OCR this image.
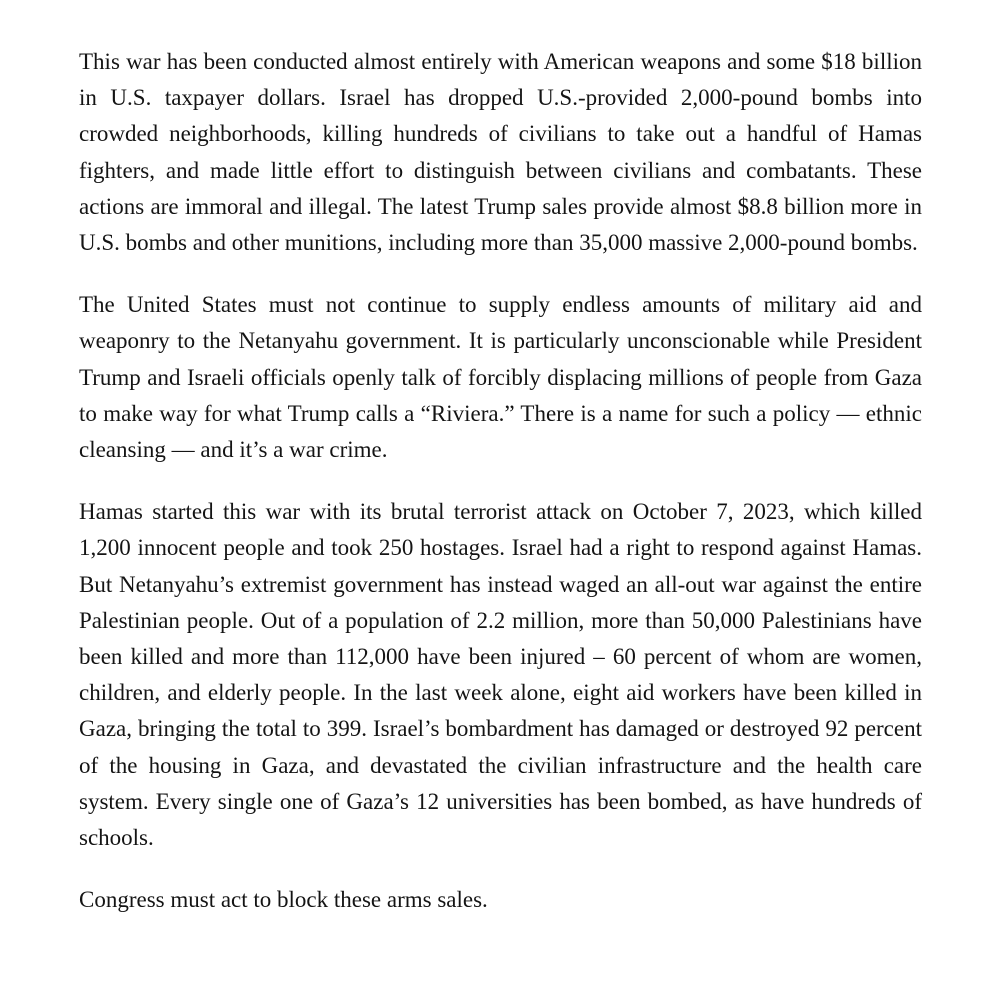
This war has been conducted almost entirely with American weapons and some $18 billion in U.S. taxpayer dollars. Israel has dropped U.S.-provided 2,000-pound bombs into crowded neighborhoods, killing hundreds of civilians to take out a handful of Hamas fighters, and made little effort to distinguish between civilians and combatants. These actions are immoral and illegal. The latest Trump sales provide almost $8.8 billion more in U.S. bombs and other munitions, including more than 35,000 massive 2,000-pound bombs.

The United States must not continue to supply endless amounts of military aid and weaponry to the Netanyahu government. It is particularly unconscionable while President Trump and Israeli officials openly talk of forcibly displacing millions of people from Gaza to make way for what Trump calls a “Riviera.” There is a name for such a policy — ethnic cleansing — and it’s a war crime.

Hamas started this war with its brutal terrorist attack on October 7, 2023, which killed 1,200 innocent people and took 250 hostages. Israel had a right to respond against Hamas. But Netanyahu’s extremist government has instead waged an all-out war against the entire Palestinian people. Out of a population of 2.2 million, more than 50,000 Palestinians have been killed and more than 112,000 have been injured – 60 percent of whom are women, children, and elderly people. In the last week alone, eight aid workers have been killed in Gaza, bringing the total to 399. Israel’s bombardment has damaged or destroyed 92 percent of the housing in Gaza, and devastated the civilian infrastructure and the health care system. Every single one of Gaza’s 12 universities has been bombed, as have hundreds of schools.

Congress must act to block these arms sales.
